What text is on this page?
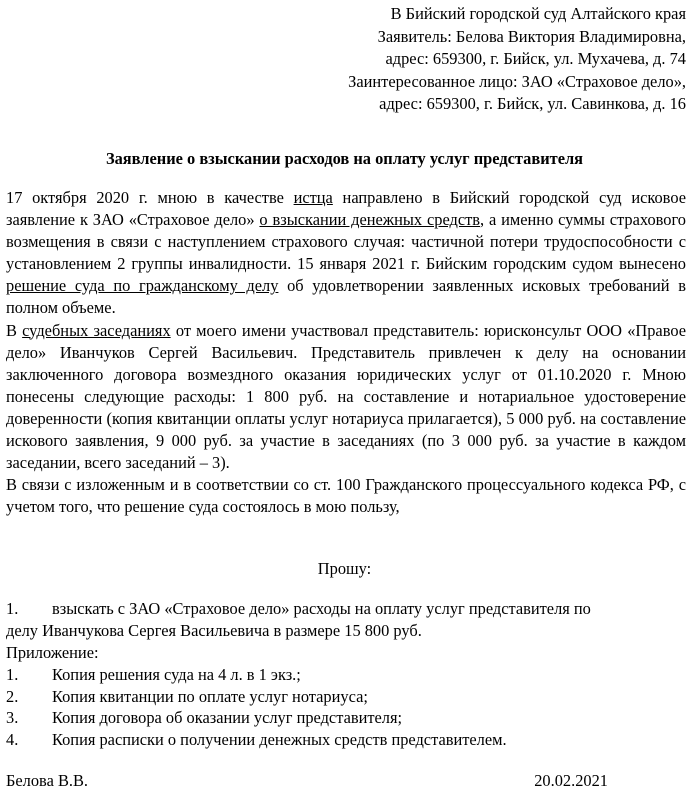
В Бийский городской суд Алтайского края
Заявитель: Белова Виктория Владимировна,
адрес: 659300, г. Бийск, ул. Мухачева, д. 74
Заинтересованное лицо: ЗАО «Страховое дело»,
адрес: 659300, г. Бийск, ул. Савинкова, д. 16
Заявление о взыскании расходов на оплату услуг представителя

17 октября 2020 г. мною в качестве истца направлено в Бийский городской суд исковое заявление к ЗАО «Страховое дело» о взыскании денежных средств, а именно суммы страхового возмещения в связи с наступлением страхового случая: частичной потери трудоспособности с установлением 2 группы инвалидности. 15 января 2021 г. Бийским городским судом вынесено решение суда по гражданскому делу об удовлетворении заявленных исковых требований в полном объеме.

В судебных заседаниях от моего имени участвовал представитель: юрисконсульт ООО «Правое дело» Иванчуков Сергей Васильевич. Представитель привлечен к делу на основании заключенного договора возмездного оказания юридических услуг от 01.10.2020 г. Мною понесены следующие расходы: 1 800 руб. на составление и нотариальное удостоверение доверенности (копия квитанции оплаты услуг нотариуса прилагается), 5 000 руб. на составление искового заявления, 9 000 руб. за участие в заседаниях (по 3 000 руб. за участие в каждом заседании, всего заседаний – 3).

В связи с изложенным и в соответствии со ст. 100 Гражданского процессуального кодекса РФ, с учетом того, что решение суда состоялось в мою пользу,

Прошу:
1.	взыскать с ЗАО «Страховое дело» расходы на оплату услуг представителя по
делу Иванчукова Сергея Васильевича в размере 15 800 руб.
Приложение:
1.	Копия решения суда на 4 л. в 1 экз.;
2.	Копия квитанции по оплате услуг нотариуса;
3.	Копия договора об оказании услуг представителя;
4.	Копия расписки о получении денежных средств представителем.
Белова В.В.	20.02.2021
